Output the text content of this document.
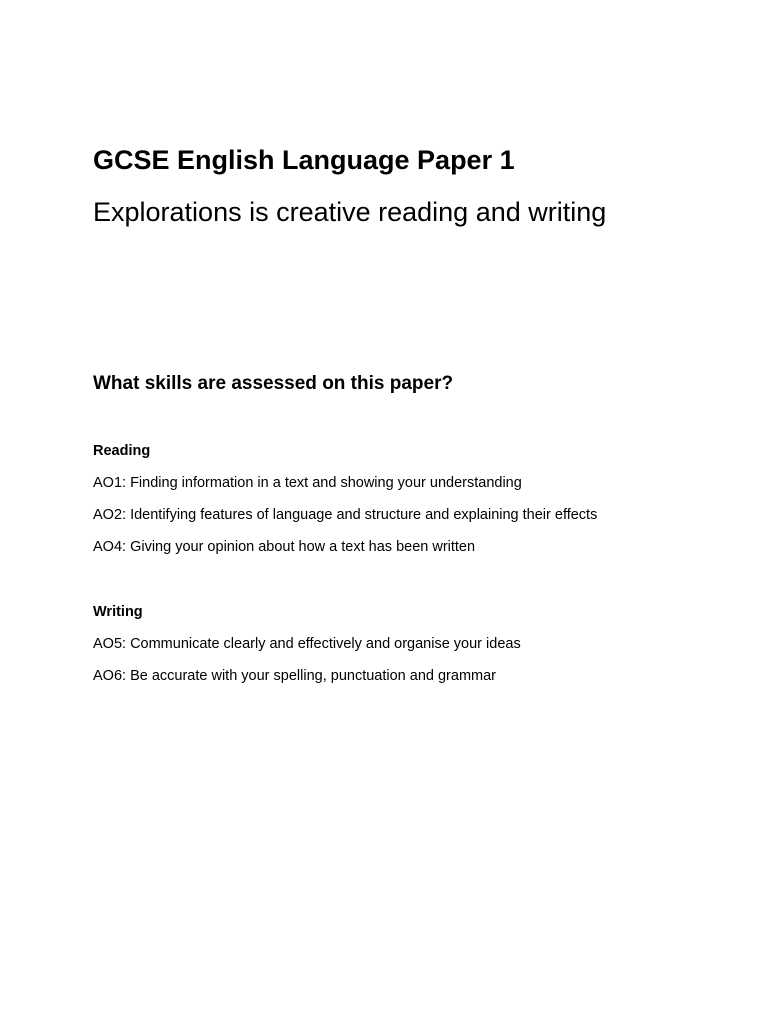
GCSE English Language Paper 1
Explorations is creative reading and writing
What skills are assessed on this paper?
Reading
AO1: Finding information in a text and showing your understanding
AO2: Identifying features of language and structure and explaining their effects
AO4: Giving your opinion about how a text has been written
Writing
AO5: Communicate clearly and effectively and organise your ideas
AO6: Be accurate with your spelling, punctuation and grammar
